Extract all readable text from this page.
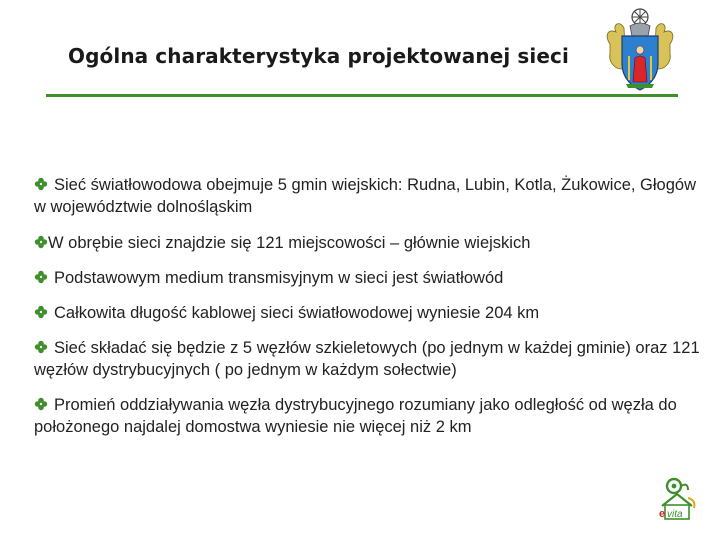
Ogólna charakterystyka projektowanej sieci
Sieć światłowodowa obejmuje 5 gmin wiejskich: Rudna, Lubin, Kotla, Żukowice, Głogów w województwie dolnośląskim
W obrębie sieci znajdzie się 121 miejscowości – głównie wiejskich
Podstawowym medium transmisyjnym w sieci jest światłowód
Całkowita długość kablowej sieci światłowodowej wyniesie 204 km
Sieć składać się będzie z 5 węzłów szkieletowych (po jednym w każdej gminie) oraz 121 węzłów dystrybucyjnych ( po jednym w każdym sołectwie)
Promień oddziaływania węzła dystrybucyjnego rozumiany jako odległość od węzła do położonego najdalej domostwa wyniesie nie więcej niż 2 km
e vita
